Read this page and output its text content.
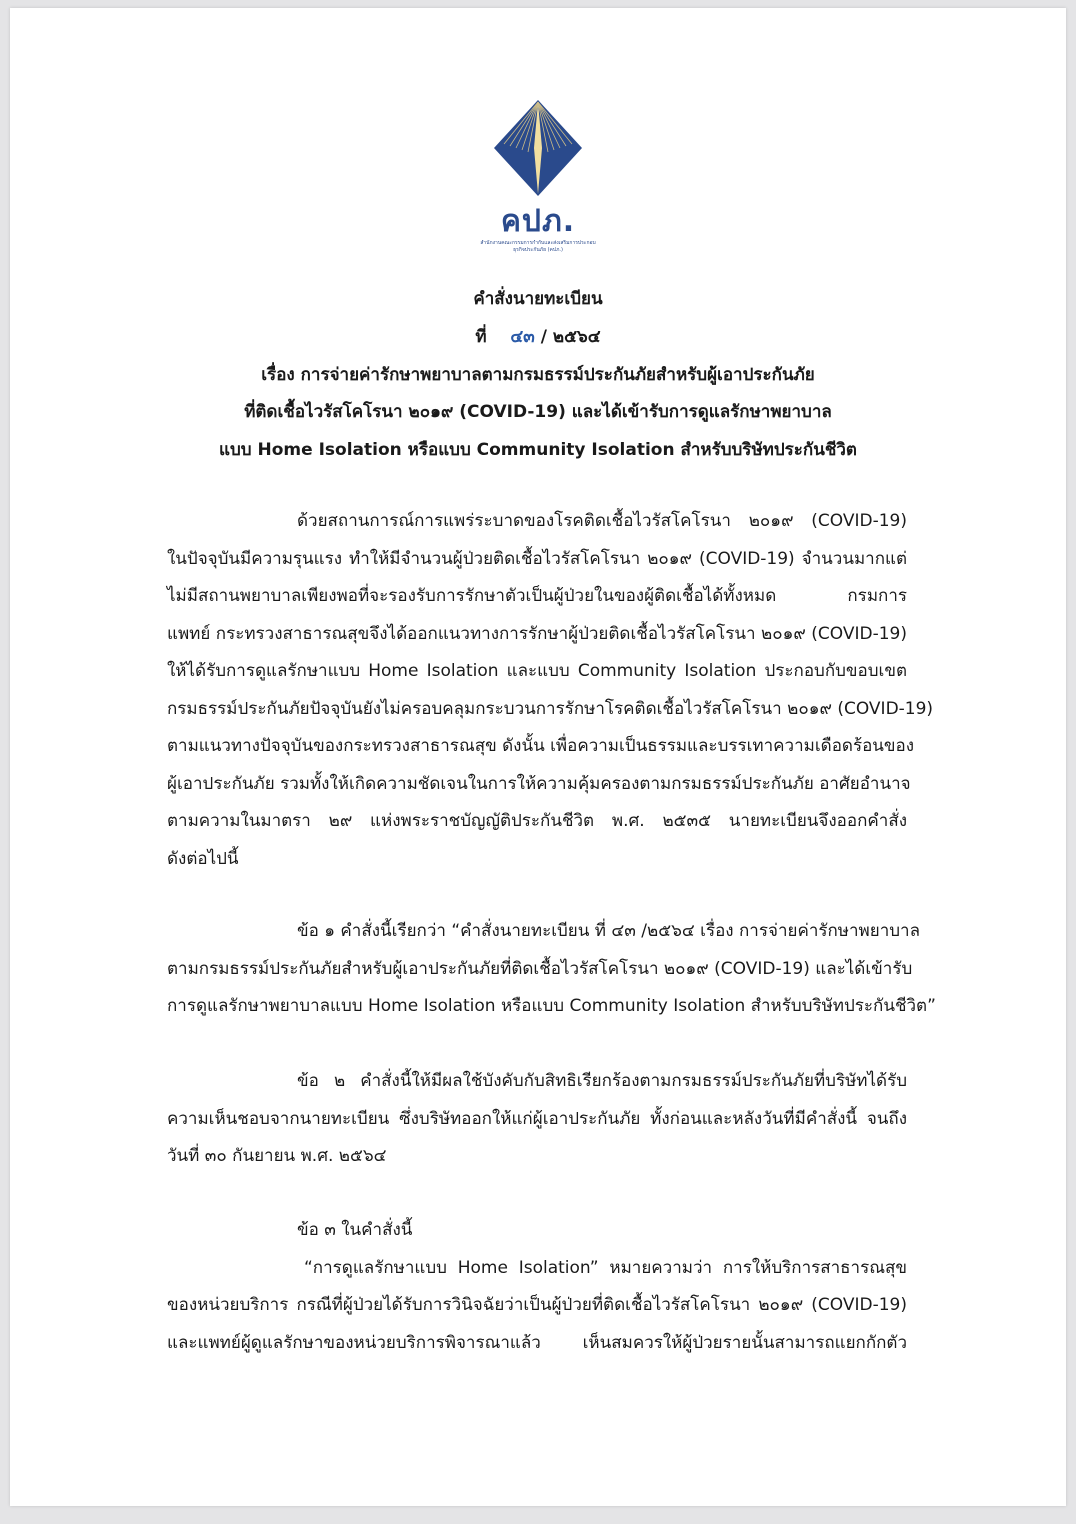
คปภ.
สำนักงานคณะกรรมการกำกับและส่งเสริมการประกอบธุรกิจประกันภัย (คปภ.)
คำสั่งนายทะเบียน
ที่ ๔๓ / ๒๕๖๔
เรื่อง การจ่ายค่ารักษาพยาบาลตามกรมธรรม์ประกันภัยสำหรับผู้เอาประกันภัย
ที่ติดเชื้อไวรัสโคโรนา ๒๐๑๙ (COVID-19) และได้เข้ารับการดูแลรักษาพยาบาล
แบบ Home Isolation หรือแบบ Community Isolation สำหรับบริษัทประกันชีวิต
ด้วยสถานการณ์การแพร่ระบาดของโรคติดเชื้อไวรัสโคโรนา ๒๐๑๙ (COVID-19)
ในปัจจุบันมีความรุนแรง ทำให้มีจำนวนผู้ป่วยติดเชื้อไวรัสโคโรนา ๒๐๑๙ (COVID-19) จำนวนมากแต่
ไม่มีสถานพยาบาลเพียงพอที่จะรองรับการรักษาตัวเป็นผู้ป่วยในของผู้ติดเชื้อได้ทั้งหมด กรมการ
แพทย์ กระทรวงสาธารณสุขจึงได้ออกแนวทางการรักษาผู้ป่วยติดเชื้อไวรัสโคโรนา ๒๐๑๙ (COVID-19)
ให้ได้รับการดูแลรักษาแบบ Home Isolation และแบบ Community Isolation ประกอบกับขอบเขต
กรมธรรม์ประกันภัยปัจจุบันยังไม่ครอบคลุมกระบวนการรักษาโรคติดเชื้อไวรัสโคโรนา ๒๐๑๙ (COVID-19)
ตามแนวทางปัจจุบันของกระทรวงสาธารณสุข ดังนั้น เพื่อความเป็นธรรมและบรรเทาความเดือดร้อนของ
ผู้เอาประกันภัย รวมทั้งให้เกิดความชัดเจนในการให้ความคุ้มครองตามกรมธรรม์ประกันภัย อาศัยอำนาจ
ตามความในมาตรา ๒๙ แห่งพระราชบัญญัติประกันชีวิต พ.ศ. ๒๕๓๕ นายทะเบียนจึงออกคำสั่ง
ดังต่อไปนี้
ข้อ ๑ คำสั่งนี้เรียกว่า “คำสั่งนายทะเบียน ที่ ๔๓ /๒๕๖๔ เรื่อง การจ่ายค่ารักษาพยาบาล
ตามกรมธรรม์ประกันภัยสำหรับผู้เอาประกันภัยที่ติดเชื้อไวรัสโคโรนา ๒๐๑๙ (COVID-19) และได้เข้ารับ
การดูแลรักษาพยาบาลแบบ Home Isolation หรือแบบ Community Isolation สำหรับบริษัทประกันชีวิต”
ข้อ ๒ คำสั่งนี้ให้มีผลใช้บังคับกับสิทธิเรียกร้องตามกรมธรรม์ประกันภัยที่บริษัทได้รับ
ความเห็นชอบจากนายทะเบียน ซึ่งบริษัทออกให้แก่ผู้เอาประกันภัย ทั้งก่อนและหลังวันที่มีคำสั่งนี้ จนถึง
วันที่ ๓๐ กันยายน พ.ศ. ๒๕๖๔
ข้อ ๓ ในคำสั่งนี้
“การดูแลรักษาแบบ Home Isolation” หมายความว่า การให้บริการสาธารณสุข
ของหน่วยบริการ กรณีที่ผู้ป่วยได้รับการวินิจฉัยว่าเป็นผู้ป่วยที่ติดเชื้อไวรัสโคโรนา ๒๐๑๙ (COVID-19)
และแพทย์ผู้ดูแลรักษาของหน่วยบริการพิจารณาแล้ว เห็นสมควรให้ผู้ป่วยรายนั้นสามารถแยกกักตัว
